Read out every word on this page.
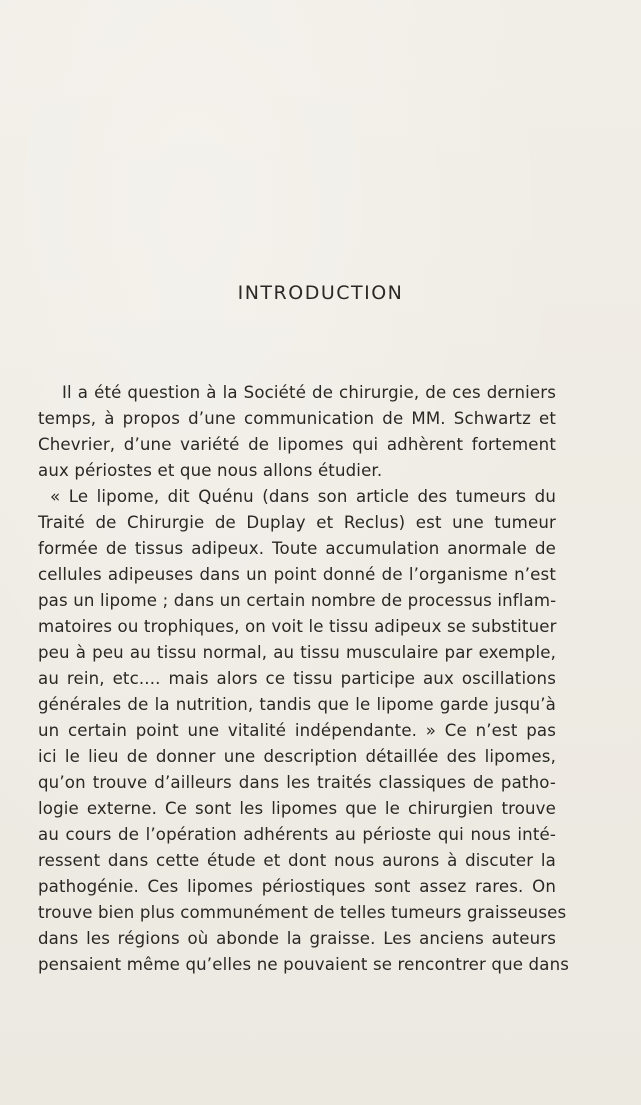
INTRODUCTION
Il a été question à la Société de chirurgie, de ces derniers
temps, à propos d’une communication de MM. Schwartz et
Chevrier, d’une variété de lipomes qui adhèrent fortement
aux périostes et que nous allons étudier.
« Le lipome, dit Quénu (dans son article des tumeurs du
Traité de Chirurgie de Duplay et Reclus) est une tumeur
formée de tissus adipeux. Toute accumulation anormale de
cellules adipeuses dans un point donné de l’organisme n’est
pas un lipome ; dans un certain nombre de processus inflam-
matoires ou trophiques, on voit le tissu adipeux se substituer
peu à peu au tissu normal, au tissu musculaire par exemple,
au rein, etc.... mais alors ce tissu participe aux oscillations
générales de la nutrition, tandis que le lipome garde jusqu’à
un certain point une vitalité indépendante. » Ce n’est pas
ici le lieu de donner une description détaillée des lipomes,
qu’on trouve d’ailleurs dans les traités classiques de patho-
logie externe. Ce sont les lipomes que le chirurgien trouve
au cours de l’opération adhérents au périoste qui nous inté-
ressent dans cette étude et dont nous aurons à discuter la
pathogénie. Ces lipomes périostiques sont assez rares. On
trouve bien plus communément de telles tumeurs graisseuses
dans les régions où abonde la graisse. Les anciens auteurs
pensaient même qu’elles ne pouvaient se rencontrer que dans
